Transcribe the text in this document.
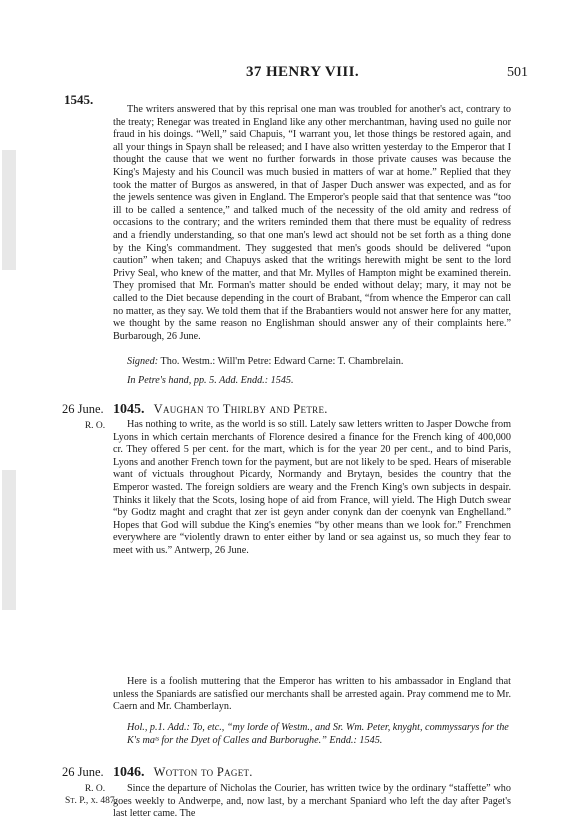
37 HENRY VIII.	501
1545.

The writers answered that by this reprisal one man was troubled for another's act, contrary to the treaty; Renegar was treated in England like any other merchantman, having used no guile nor fraud in his doings. “Well,” said Chapuis, “I warrant you, let those things be restored again, and all your things in Spayn shall be released; and I have also written yesterday to the Emperor that I thought the cause that we went no further forwards in those private causes was because the King's Majesty and his Council was much busied in matters of war at home.” Replied that they took the matter of Burgos as answered, in that of Jasper Duch answer was expected, and as for the jewels sentence was given in England. The Emperor's people said that that sentence was “too ill to be called a sentence,” and talked much of the necessity of the old amity and redress of occasions to the contrary; and the writers reminded them that there must be equality of redress and a friendly understanding, so that one man's lewd act should not be set forth as a thing done by the King's commandment. They suggested that men's goods should be delivered “upon caution” when taken; and Chapuys asked that the writings herewith might be sent to the lord Privy Seal, who knew of the matter, and that Mr. Mylles of Hampton might be examined therein. They promised that Mr. Forman's matter should be ended without delay; mary, it may not be called to the Diet because depending in the court of Brabant, “from whence the Emperor can call no matter, as they say. We told them that if the Brabantiers would not answer here for any matter, we thought by the same reason no Englishman should answer any of their complaints here.” Burbarough, 26 June.

Signed: Tho. Westm.: Will'm Petre: Edward Carne: T. Chambrelain.

In Petre's hand, pp. 5. Add. Endd.: 1545.

26 June.
R. O.
1045. Vaughan to Thirlby and Petre.

Has nothing to write, as the world is so still. Lately saw letters written to Jasper Dowche from Lyons in which certain merchants of Florence desired a finance for the French king of 400,000 cr. They offered 5 per cent. for the mart, which is for the year 20 per cent., and to bind Paris, Lyons and another French town for the payment, but are not likely to be sped. Hears of miserable want of victuals throughout Picardy, Normandy and Brytayn, besides the country that the Emperor wasted. The foreign soldiers are weary and the French King's own subjects in despair. Thinks it likely that the Scots, losing hope of aid from France, will yield. The High Dutch swear “by Godtz maght and craght that zer ist geyn ander conynk dan der coenynk van Enghelland.” Hopes that God will subdue the King's enemies “by other means than we look for.” Frenchmen everywhere are “violently drawn to enter either by land or sea against us, so much they fear to meet with us.” Antwerp, 26 June.

Here is a foolish muttering that the Emperor has written to his ambassador in England that unless the Spaniards are satisfied our merchants shall be arrested again. Pray commend me to Mr. Caern and Mr. Chamberlayn.

Hol., p.1. Add.: To, etc., “my lorde of Westm., and Sr. Wm. Peter, knyght, commyssarys for the K's maᵗˢ for the Dyet of Calles and Burborughe.” Endd.: 1545.

26 June.
R. O.
St. P., x. 487.
1046. Wotton to Paget.

Since the departure of Nicholas the Courier, has written twice by the ordinary “staffette” who goes weekly to Andwerpe, and, now last, by a merchant Spaniard who left the day after Paget's last letter came. The
